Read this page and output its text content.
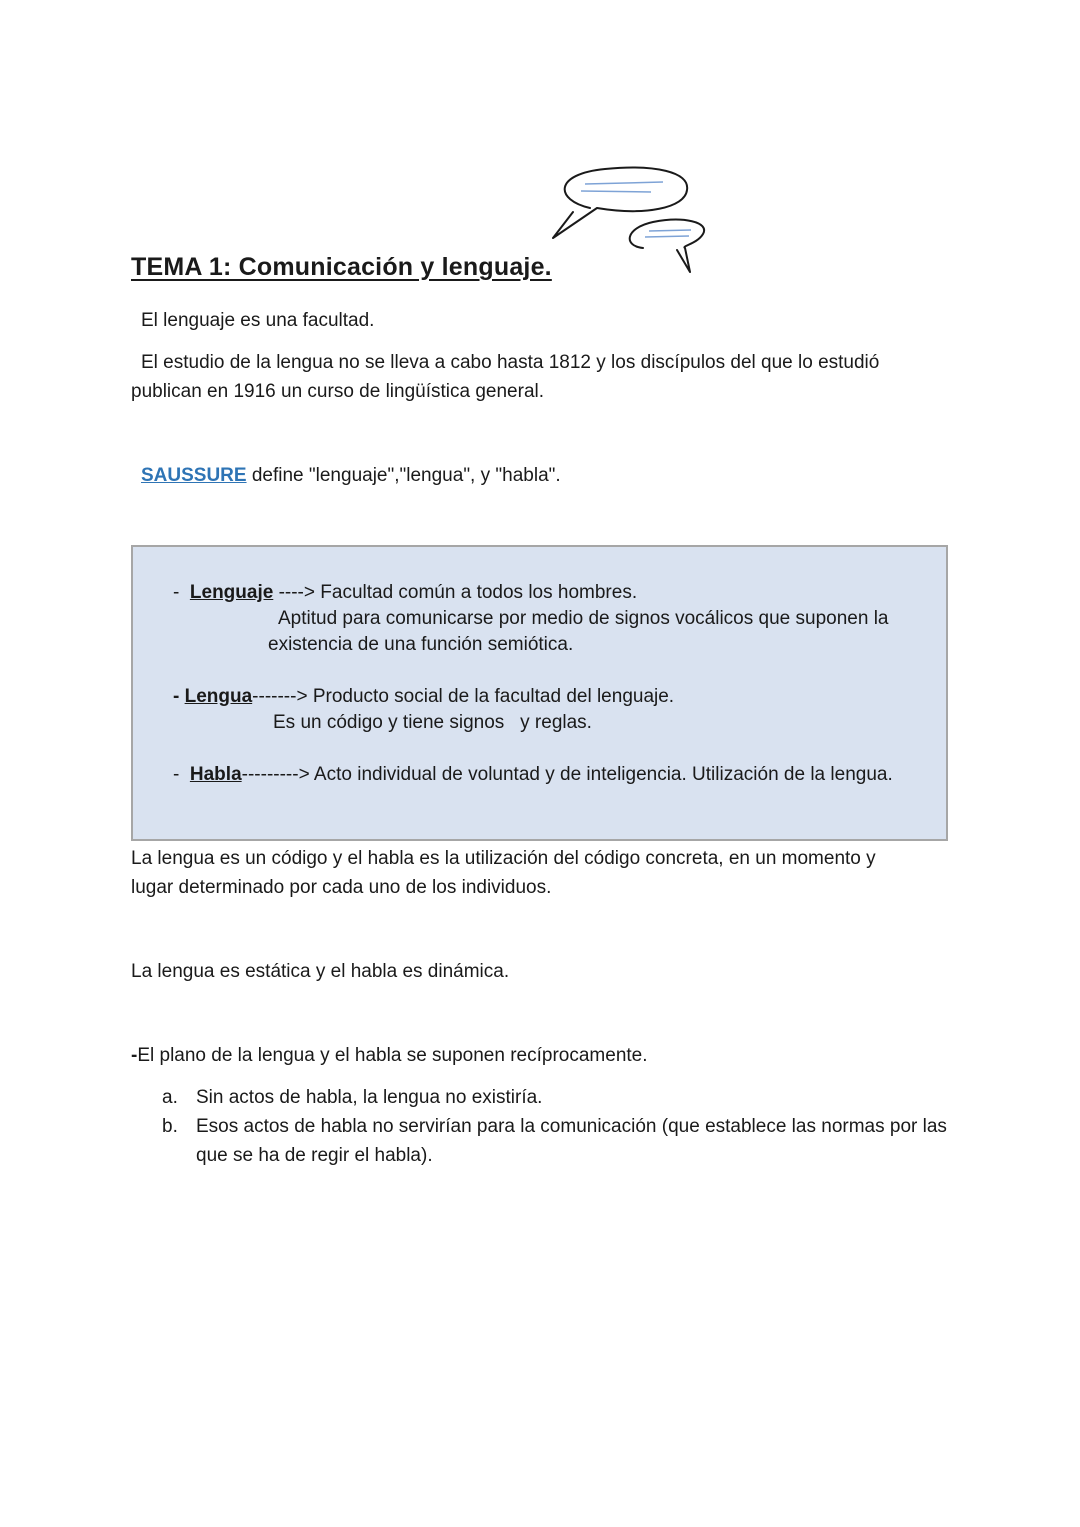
TEMA 1: Comunicación y lenguaje.

El lenguaje es una facultad.

El estudio de la lengua no se lleva a cabo hasta 1812 y los discípulos del que lo estudió publican en 1916 un curso de lingüística general.

SAUSSURE define "lenguaje","lengua", y "habla".

- Lenguaje ----> Facultad común a todos los hombres.

Aptitud para comunicarse por medio de signos vocálicos que suponen la

existencia de una función semiótica.

- Lengua-------> Producto social de la facultad del lenguaje.

Es un código y tiene signos   y reglas.

- Habla---------> Acto individual de voluntad y de inteligencia. Utilización de la lengua.

La lengua es un código y el habla es la utilización del código concreta, en un momento y lugar determinado por cada uno de los individuos.

La lengua es estática y el habla es dinámica.

-El plano de la lengua y el habla se suponen recíprocamente.

a. Sin actos de habla, la lengua no existiría.
b. Esos actos de habla no servirían para la comunicación (que establece las normas por las que se ha de regir el habla).
